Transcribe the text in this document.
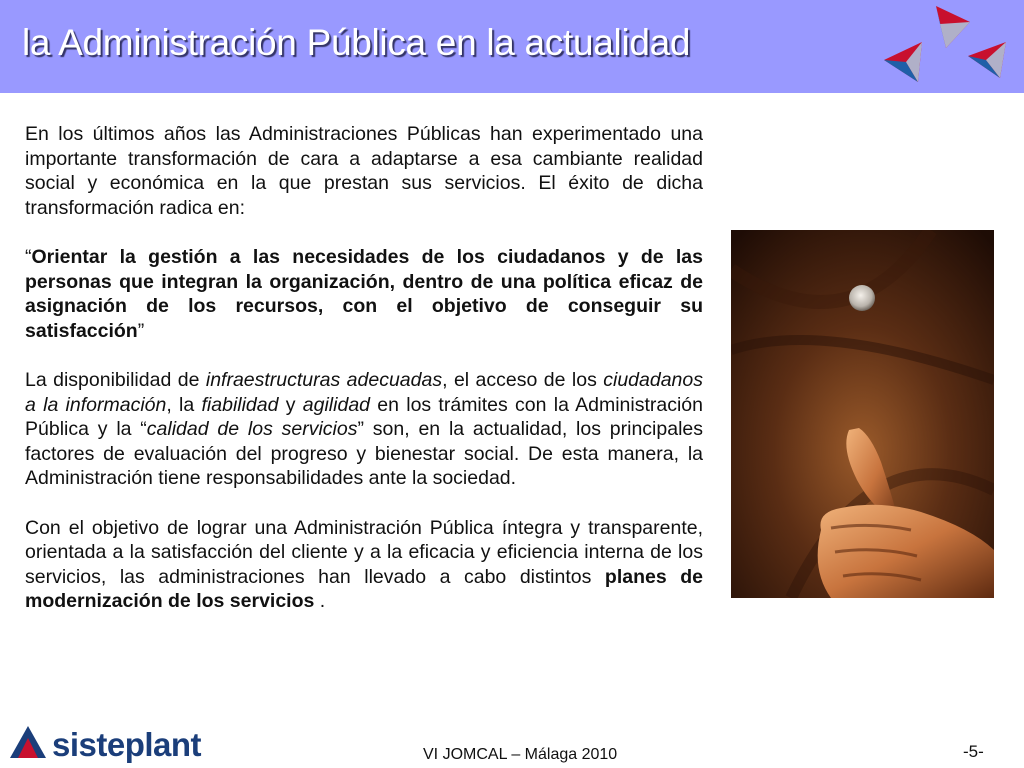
la Administración Pública en la actualidad

En los últimos años las Administraciones Públicas han experimentado una importante transformación de cara a adaptarse a esa cambiante realidad social y económica en la que prestan sus servicios. El éxito de dicha transformación radica en:

“Orientar la gestión a las necesidades de los ciudadanos y de las personas que integran la organización, dentro de una política eficaz de asignación de los recursos, con el objetivo de conseguir su satisfacción”

La disponibilidad de infraestructuras adecuadas, el acceso de los ciudadanos a la información, la fiabilidad y agilidad en los trámites con la Administración Pública y la “calidad de los servicios” son, en la actualidad, los principales factores de evaluación del progreso y bienestar social. De esta manera, la Administración tiene responsabilidades ante la sociedad.

Con el objetivo de lograr una Administración Pública íntegra y transparente, orientada a la satisfacción del cliente y a la eficacia y eficiencia interna de los servicios, las administraciones han llevado a cabo distintos planes de modernización de los servicios .

sisteplant	VI JOMCAL – Málaga 2010	-5-
